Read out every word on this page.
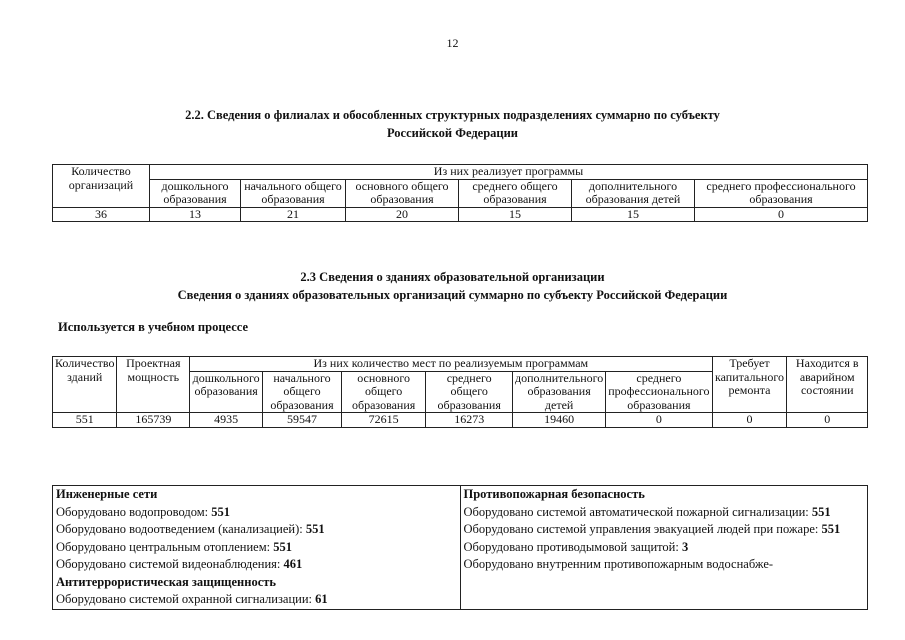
12
2.2. Сведения о филиалах и обособленных структурных подразделениях суммарно по субъекту
Российской Федерации
Количество организаций	Из них реализует программы					
	дошкольного образования	начального общего образования	основного общего образования	среднего общего образования	дополнительного образования детей	среднего профессионального образования
36	13	21	20	15	15	0
2.3 Сведения о зданиях образовательной организации
Сведения о зданиях образовательных организаций суммарно по субъекту Российской Федерации
Используется в учебном процессе
Количество зданий	Проектная мощность	Из них количество мест по реализуемым программам						Требует капитального ремонта	Находится в аварийном состоянии
		дошкольного образования	начального общего образования	основного общего образования	среднего общего образования	дополнительного образования детей	среднего профессионального образования		
551	165739	4935	59547	72615	16273	19460	0	0	0
Инженерные сети
Оборудовано водопроводом: 551
Оборудовано водоотведением (канализацией): 551
Оборудовано центральным отоплением: 551
Оборудовано системой видеонаблюдения: 461
Антитеррористическая защищенность
Оборудовано системой охранной сигнализации: 61

Противопожарная безопасность
Оборудовано системой автоматической пожарной сигнализации: 551
Оборудовано системой управления эвакуацией людей при пожаре: 551
Оборудовано противодымовой защитой: 3
Оборудовано внутренним противопожарным водоснабже-
